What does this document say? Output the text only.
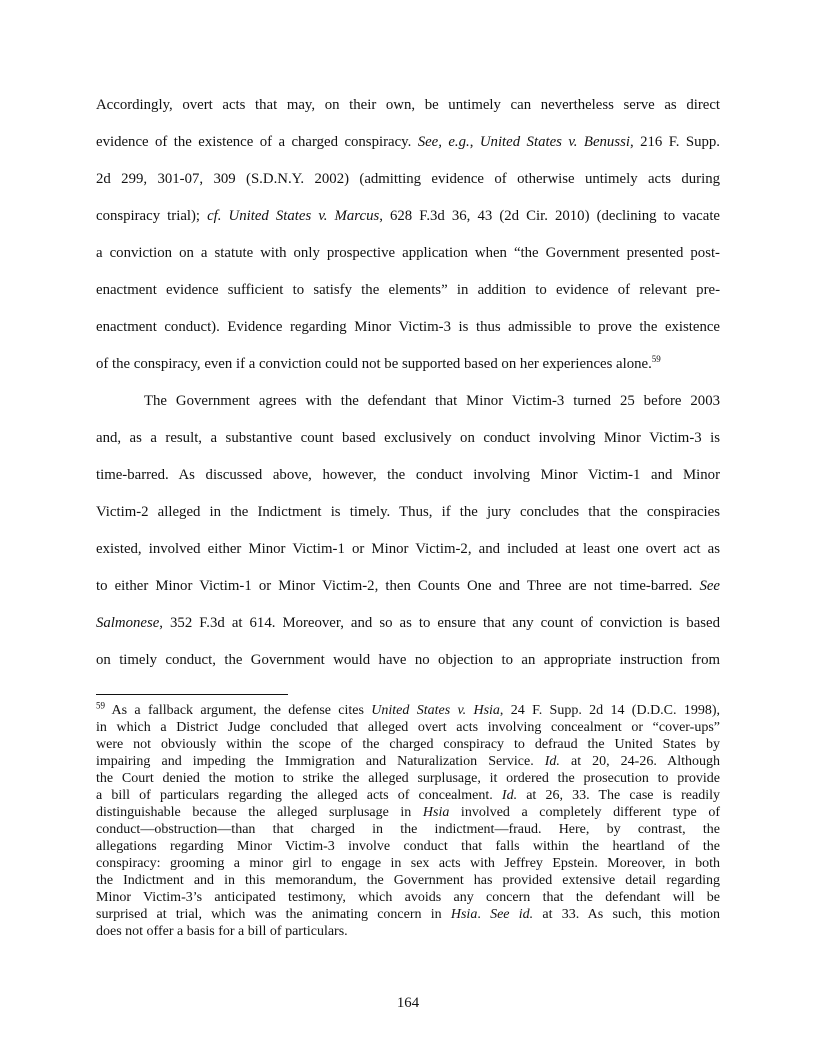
Accordingly, overt acts that may, on their own, be untimely can nevertheless serve as direct
evidence of the existence of a charged conspiracy. See, e.g., United States v. Benussi, 216 F. Supp.
2d 299, 301-07, 309 (S.D.N.Y. 2002) (admitting evidence of otherwise untimely acts during
conspiracy trial); cf. United States v. Marcus, 628 F.3d 36, 43 (2d Cir. 2010) (declining to vacate
a conviction on a statute with only prospective application when “the Government presented post-
enactment evidence sufficient to satisfy the elements” in addition to evidence of relevant pre-
enactment conduct). Evidence regarding Minor Victim-3 is thus admissible to prove the existence
of the conspiracy, even if a conviction could not be supported based on her experiences alone.$^{59}$
The Government agrees with the defendant that Minor Victim-3 turned 25 before 2003
and, as a result, a substantive count based exclusively on conduct involving Minor Victim-3 is
time-barred. As discussed above, however, the conduct involving Minor Victim-1 and Minor
Victim-2 alleged in the Indictment is timely. Thus, if the jury concludes that the conspiracies
existed, involved either Minor Victim-1 or Minor Victim-2, and included at least one overt act as
to either Minor Victim-1 or Minor Victim-2, then Counts One and Three are not time-barred. See
Salmonese, 352 F.3d at 614. Moreover, and so as to ensure that any count of conviction is based
on timely conduct, the Government would have no objection to an appropriate instruction from
$^{59}$ As a fallback argument, the defense cites United States v. Hsia, 24 F. Supp. 2d 14 (D.D.C. 1998),
in which a District Judge concluded that alleged overt acts involving concealment or “cover-ups”
were not obviously within the scope of the charged conspiracy to defraud the United States by
impairing and impeding the Immigration and Naturalization Service. Id. at 20, 24-26. Although
the Court denied the motion to strike the alleged surplusage, it ordered the prosecution to provide
a bill of particulars regarding the alleged acts of concealment. Id. at 26, 33. The case is readily
distinguishable because the alleged surplusage in Hsia involved a completely different type of
conduct—obstruction—than that charged in the indictment—fraud. Here, by contrast, the
allegations regarding Minor Victim-3 involve conduct that falls within the heartland of the
conspiracy: grooming a minor girl to engage in sex acts with Jeffrey Epstein. Moreover, in both
the Indictment and in this memorandum, the Government has provided extensive detail regarding
Minor Victim-3’s anticipated testimony, which avoids any concern that the defendant will be
surprised at trial, which was the animating concern in Hsia. See id. at 33. As such, this motion
does not offer a basis for a bill of particulars.
164
